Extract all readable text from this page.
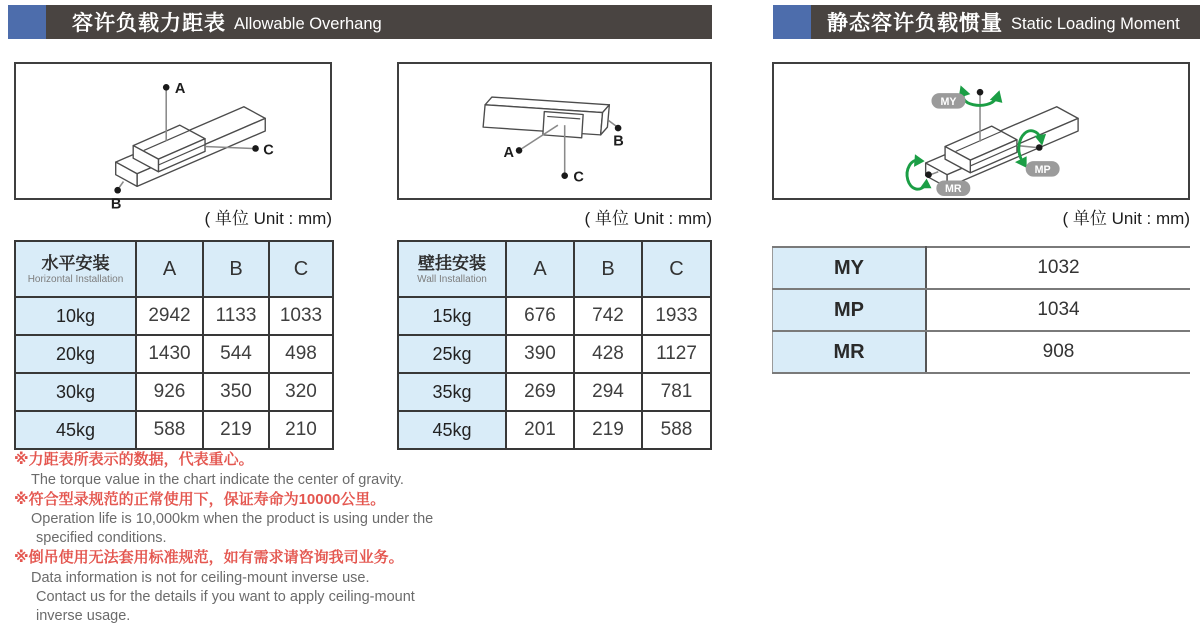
容许负载力距表 Allowable Overhang	静态容许负载惯量 Static Loading Moment
A
C
B
A
C
B
MY
MP
MR
( 单位 Unit : mm)	( 单位 Unit : mm)	( 单位 Unit : mm)
水平安装
Horizontal Installation	A	B	C
10kg	2942	1133	1033
20kg	1430	544	498
30kg	926	350	320
45kg	588	219	210
壁挂安装
Wall Installation	A	B	C
15kg	676	742	1933
25kg	390	428	1127
35kg	269	294	781
45kg	201	219	588
MY	1032
MP	1034
MR	908
※力距表所表示的数据，代表重心。
The torque value in the chart indicate the center of gravity.
※符合型录规范的正常使用下，保证寿命为10000公里。
Operation life is 10,000km when the product is using under the
specified conditions.
※倒吊使用无法套用标准规范，如有需求请咨询我司业务。
Data information is not for ceiling-mount inverse use.
Contact us for the details if you want to apply ceiling-mount
inverse usage.
